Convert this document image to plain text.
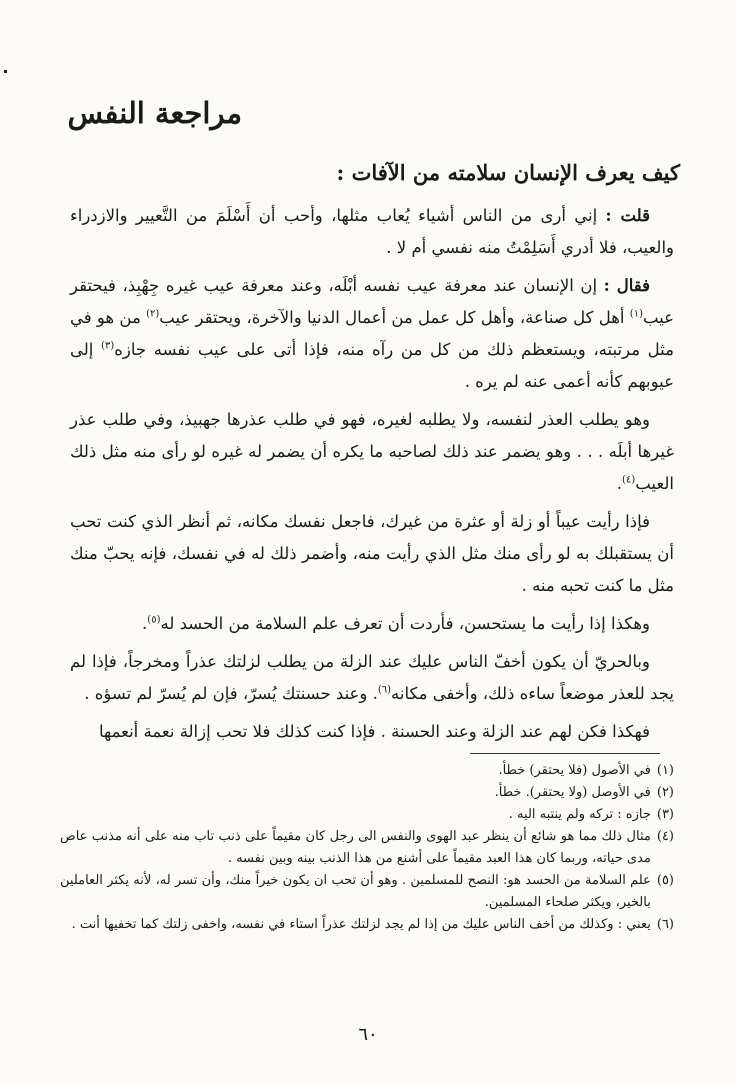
مراجعة النفس
كيف يعرف الإنسان سلامته من الآفات :

قلت : إني أرى من الناس أشياء يُعاب مثلها، وأحب أن أَسْلَمَ من التَّعيير والازدراء والعيب، فلا أدري أَسَلِمْتُ منه نفسي أم لا .

فقال : إن الإنسان عند معرفة عيب نفسه أبْلَه، وعند معرفة عيب غيره جِهْبِذ، فيحتقر عيب$^{(١)}$ أهل كل صناعة، وأهل كل عمل من أعمال الدنيا والآخرة، ويحتقر عيب$^{(٢)}$ من هو في مثل مرتبته، ويستعظم ذلك من كل من رآه منه، فإذا أتى على عيب نفسه جازه$^{(٣)}$ إلى عيوبهم كأنه أعمى عنه لم يره .

وهو يطلب العذر لنفسه، ولا يطلبه لغيره، فهو في طلب عذرها جهبيذ، وفي طلب عذر غيرها أبلَه . . . وهو يضمر عند ذلك لصاحبه ما يكره أن يضمر له غيره لو رأى منه مثل ذلك العيب$^{(٤)}$.

فإذا رأيت عيباً أو زلة أو عثرة من غيرك، فاجعل نفسك مكانه، ثم أنظر الذي كنت تحب أن يستقبلك به لو رأى منك مثل الذي رأيت منه، وأضمر ذلك له في نفسك، فإنه يحبّ منك مثل ما كنت تحبه منه .

وهكذا إذا رأيت ما يستحسن، فأردت أن تعرف علم السلامة من الحسد له$^{(٥)}$.

وبالحريّ أن يكون أخفّ الناس عليك عند الزلة من يطلب لزلتك عذراً ومخرجاً، فإذا لم يجد للعذر موضعاً ساءه ذلك، وأخفى مكانه$^{(٦)}$. وعند حسنتك يُسرّ، فإن لم يُسرّ لم تسؤه .

فهكذا فكن لهم عند الزلة وعند الحسنة . فإذا كنت كذلك فلا تحب إزالة نعمة أنعمها

(١)
في الأصول (فلا يحتقر) خطأ.
(٢)
في الأوصل (ولا يحتقر). خطأ.
(٣)
جازه : تركه ولم ينتبه اليه .
(٤)
مثال ذلك مما هو شائع أن ينظر عبد الهوى والنفس الى رجل كان مقيماً على ذنب تاب منه على أنه مذنب عاص مدى حياته، وربما كان هذا العبد مقيماً على أشنع من هذا الذنب بينه وبين نفسه .
(٥)
علم السلامة من الحسد هو: النصح للمسلمين . وهو أن تحب ان يكون خيراً منك، وأن تسر له، لأنه يكثر العاملين بالخير، ويكثر صلحاء المسلمين.
(٦)
يعني : وكذلك من أخف الناس عليك من إذا لم يجد لزلتك عذراً استاء في نفسه، واخفى زلتك كما تخفيها أنت .
٦٠
